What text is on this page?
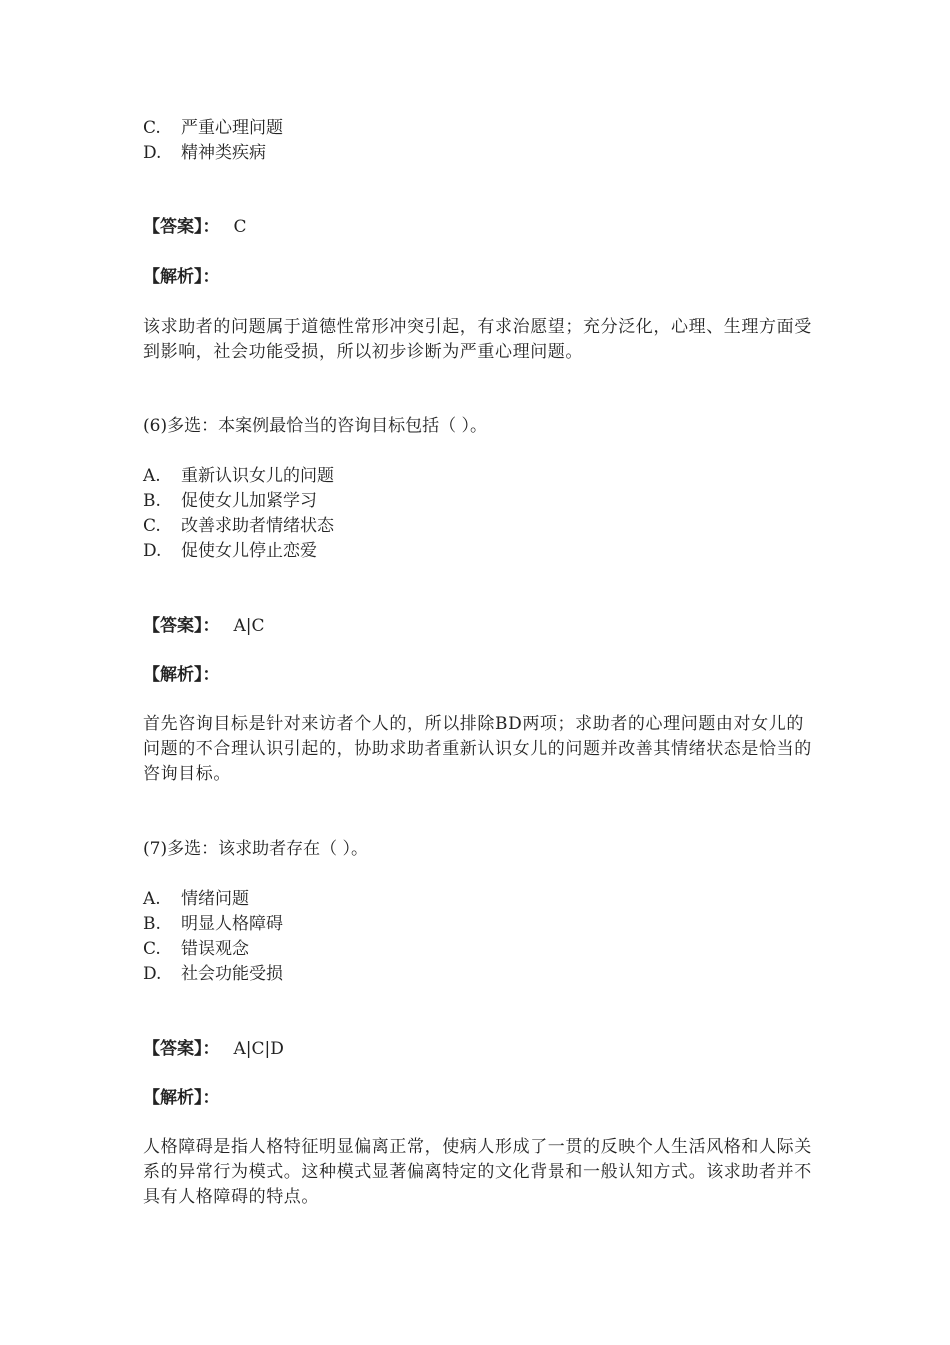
C. 严重心理问题
D. 精神类疾病
【答案】： C
【解析】：
该求助者的问题属于道德性常形冲突引起，有求治愿望；充分泛化，心理、生理方面受到影响，社会功能受损，所以初步诊断为严重心理问题。
(6)多选：本案例最恰当的咨询目标包括（ ）。
A. 重新认识女儿的问题
B. 促使女儿加紧学习
C. 改善求助者情绪状态
D. 促使女儿停止恋爱
【答案】： A|C
【解析】：
首先咨询目标是针对来访者个人的，所以排除BD两项；求助者的心理问题由对女儿的问题的不合理认识引起的，协助求助者重新认识女儿的问题并改善其情绪状态是恰当的咨询目标。
(7)多选：该求助者存在（ ）。
A. 情绪问题
B. 明显人格障碍
C. 错误观念
D. 社会功能受损
【答案】： A|C|D
【解析】：
人格障碍是指人格特征明显偏离正常，使病人形成了一贯的反映个人生活风格和人际关系的异常行为模式。这种模式显著偏离特定的文化背景和一般认知方式。该求助者并不具有人格障碍的特点。
